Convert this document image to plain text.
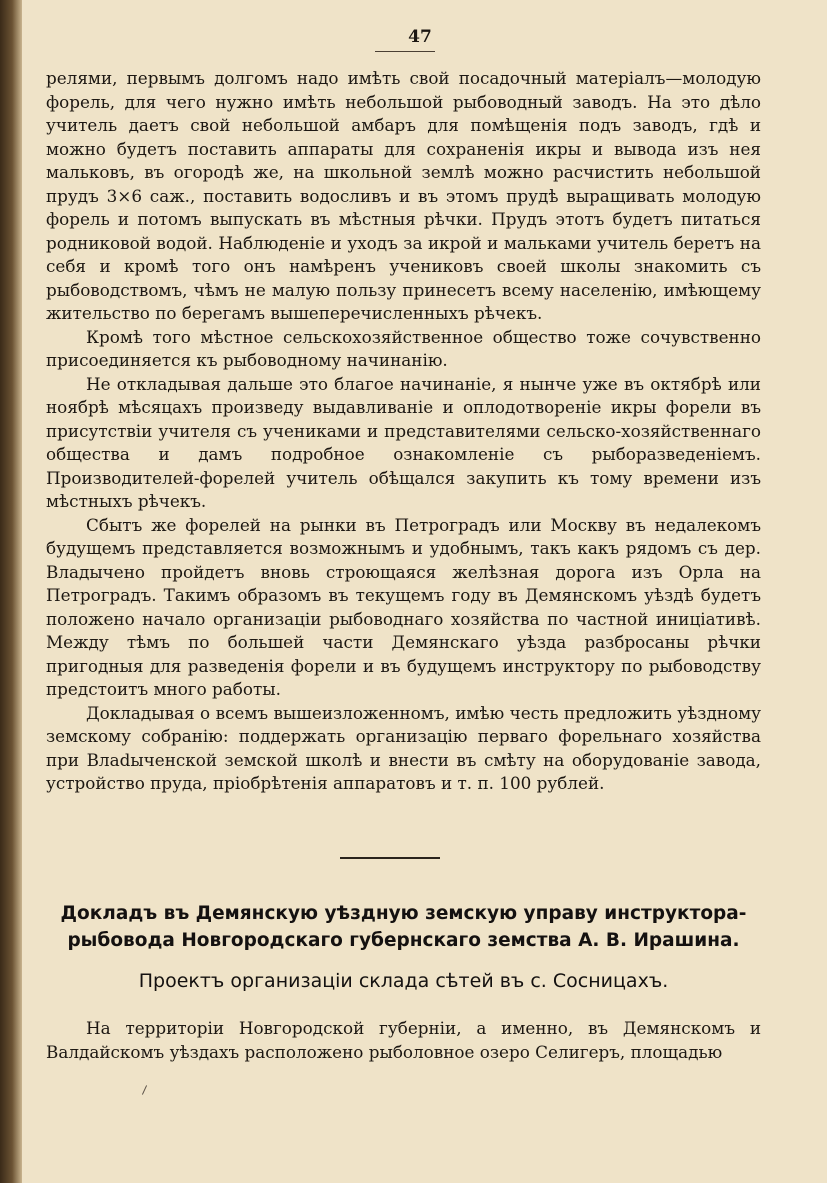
47

релями, первымъ долгомъ надо имѣть свой посадочный матеріалъ—молодую форель, для чего нужно имѣть небольшой рыбоводный заводъ. На это дѣло учитель даетъ свой небольшой амбаръ для помѣщенія подъ заводъ, гдѣ и можно будетъ поставить аппараты для сохраненія икры и вывода изъ нея мальковъ, въ огородѣ же, на школьной землѣ можно расчистить небольшой прудъ 3×6 саж., поставить водосливъ и въ этомъ прудѣ выращивать молодую форель и потомъ выпускать въ мѣстныя рѣчки. Прудъ этотъ будетъ питаться родниковой водой. Наблюденіе и уходъ за икрой и мальками учитель беретъ на себя и кромѣ того онъ намѣренъ учениковъ своей школы знакомить съ рыбоводствомъ, чѣмъ не малую пользу принесетъ всему населенію, имѣющему жительство по берегамъ вышеперечисленныхъ рѣчекъ.

Кромѣ того мѣстное сельскохозяйственное общество тоже сочувственно присоединяется къ рыбоводному начинанію.

Не откладывая дальше это благое начинаніе, я нынче уже въ октябрѣ или ноябрѣ мѣсяцахъ произведу выдавливаніе и оплодотвореніе икры форели въ присутствіи учителя съ учениками и представителями сельско-хозяйственнаго общества и дамъ подробное ознакомленіе съ рыборазведеніемъ. Производителей-форелей учитель обѣщался закупить къ тому времени изъ мѣстныхъ рѣчекъ.

Сбытъ же форелей на рынки въ Петроградъ или Москву въ недалекомъ будущемъ представляется возможнымъ и удобнымъ, такъ какъ рядомъ съ дер. Владычено пройдетъ вновь строющаяся желѣзная дорога изъ Орла на Петроградъ. Такимъ образомъ въ текущемъ году въ Демянскомъ уѣздѣ будетъ положено начало организаціи рыбоводнаго хозяйства по частной иниціативѣ. Между тѣмъ по большей части Демянскаго уѣзда разбросаны рѣчки пригодныя для разведенія форели и въ будущемъ инструктору по рыбоводству предстоитъ много работы.

Докладывая о всемъ вышеизложенномъ, имѣю честь предложить уѣздному земскому собранію: поддержать организацію перваго форельнаго хозяйства при Влаdыченской земской школѣ и внести въ смѣту на оборудованіе завода, устройство пруда, пріобрѣтенія аппаратовъ и т. п. 100 рублей.

Докладъ въ Демянскую уѣздную земскую управу инструктора-рыбовода Новгородскаго губернскаго земства А. В. Ирашина.
Проектъ организаціи склада сѣтей въ с. Сосницахъ.

На территоріи Новгородской губерніи, а именно, въ Демянскомъ и Валдайскомъ уѣздахъ расположено рыболовное озеро Селигеръ, площадью
